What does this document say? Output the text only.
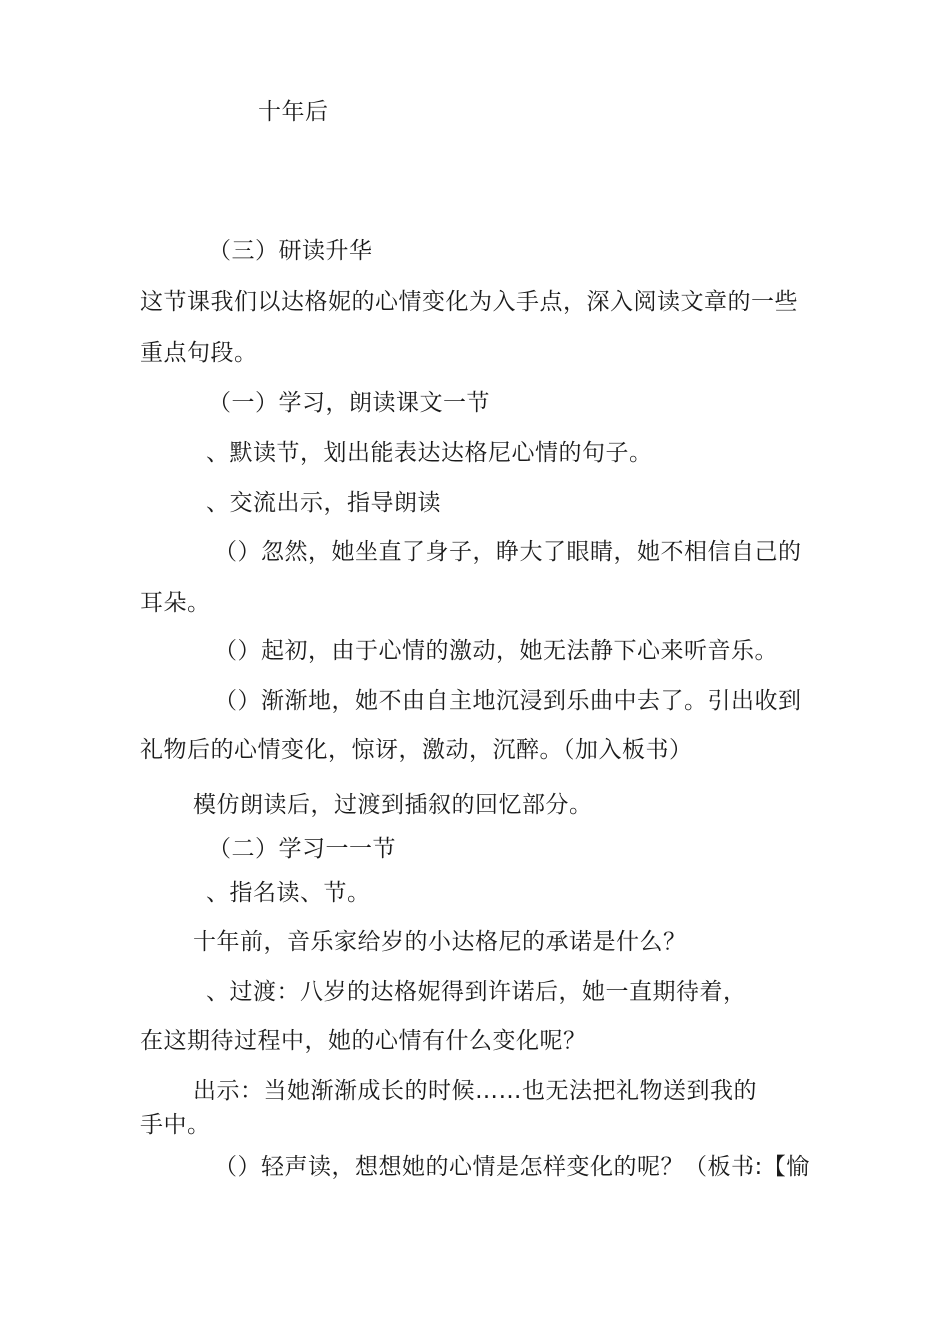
十年后
（三）研读升华
这节课我们以达格妮的心情变化为入手点，深入阅读文章的一些
重点句段。
（一）学习，朗读课文一节
、默读节，划出能表达达格尼心情的句子。
、交流出示，指导朗读
（）忽然，她坐直了身子，睁大了眼睛，她不相信自己的
耳朵。
（）起初，由于心情的激动，她无法静下心来听音乐。
（）渐渐地，她不由自主地沉浸到乐曲中去了。引出收到
礼物后的心情变化，惊讶，激动，沉醉。（加入板书）
模仿朗读后，过渡到插叙的回忆部分。
（二）学习一一节
、指名读、节。
十年前，音乐家给岁的小达格尼的承诺是什么？
、过渡：八岁的达格妮得到许诺后，她一直期待着，
在这期待过程中，她的心情有什么变化呢？
出示：当她渐渐成长的时候……也无法把礼物送到我的
手中。
（）轻声读，想想她的心情是怎样变化的呢？（板书:【愉
